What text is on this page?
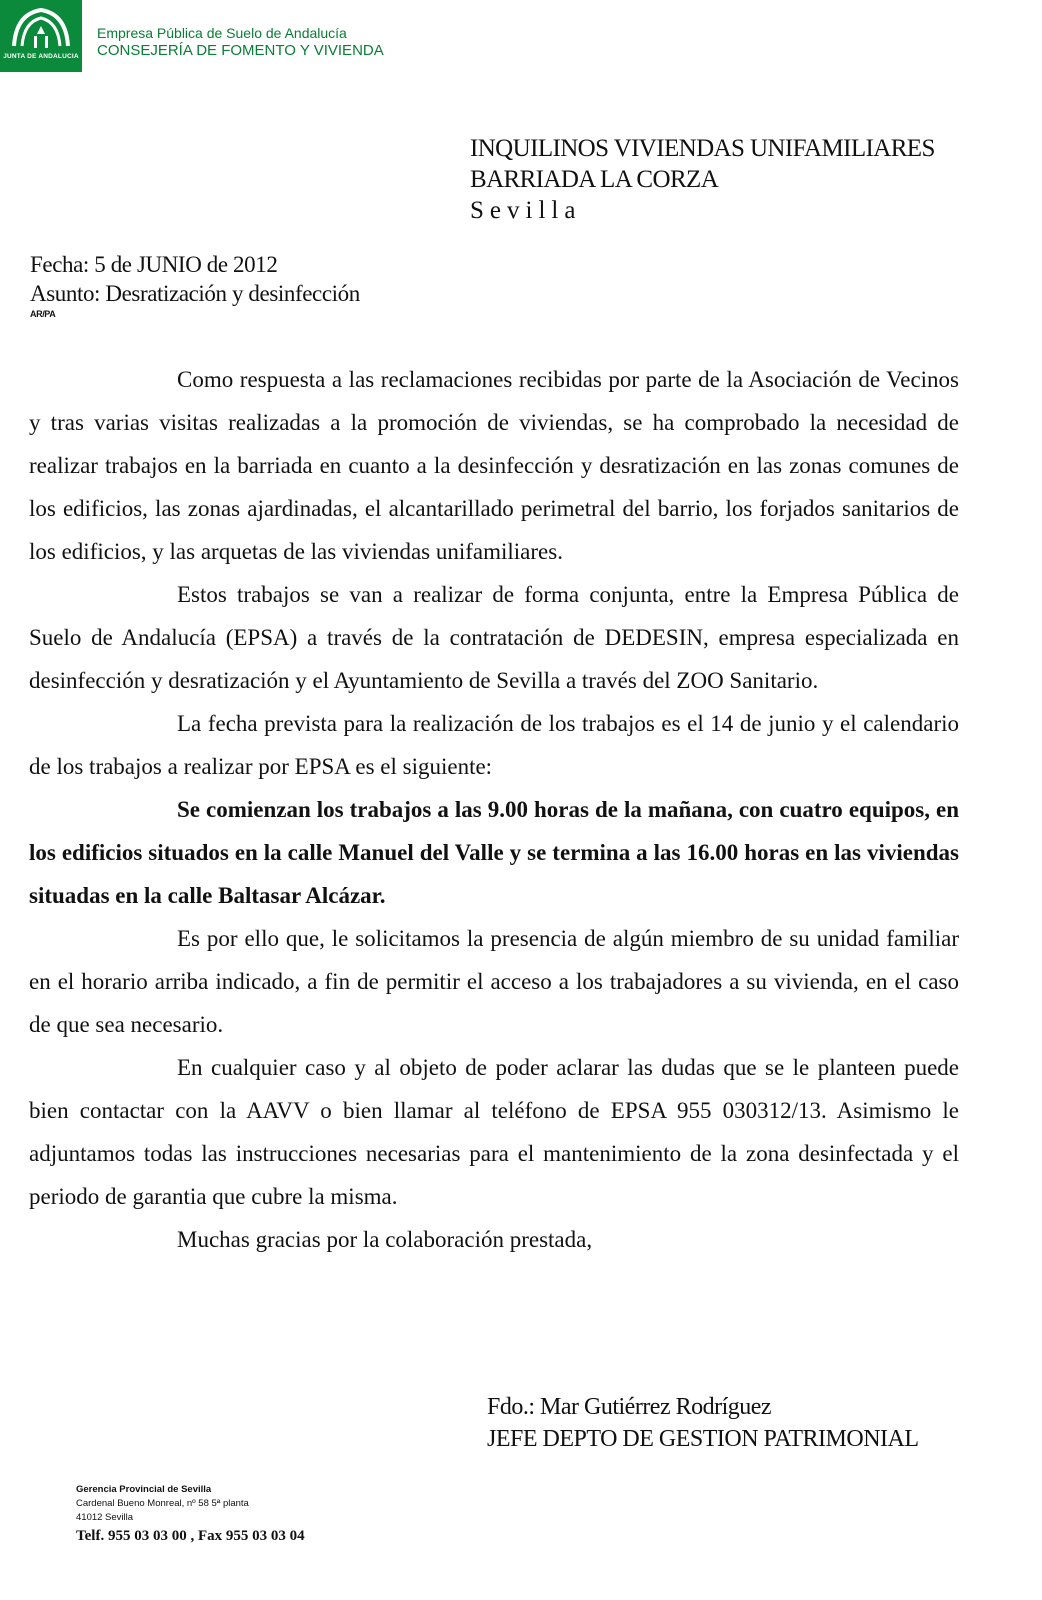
JUNTA DE ANDALUCIA
Empresa Pública de Suelo de Andalucía
CONSEJERÍA DE FOMENTO Y VIVIENDA
INQUILINOS VIVIENDAS UNIFAMILIARES
BARRIADA LA CORZA
Sevilla
Fecha: 5 de JUNIO de 2012
Asunto: Desratización y desinfección
AR/PA

Como respuesta a las reclamaciones recibidas por parte de la Asociación de Vecinos y tras varias visitas realizadas a la promoción de viviendas, se ha comprobado la necesidad de realizar trabajos en la barriada en cuanto a la desinfección y desratización en las zonas comunes de los edificios, las zonas ajardinadas, el alcantarillado perimetral del barrio, los forjados sanitarios de los edificios, y las arquetas de las viviendas unifamiliares.

Estos trabajos se van a realizar de forma conjunta, entre la Empresa Pública de Suelo de Andalucía (EPSA) a través de la contratación de DEDESIN, empresa especializada en desinfección y desratización y el Ayuntamiento de Sevilla a través del ZOO Sanitario.

La fecha prevista para la realización de los trabajos es el 14 de junio y el calendario de los trabajos a realizar por EPSA es el siguiente:

Se comienzan los trabajos a las 9.00 horas de la mañana, con cuatro equipos, en los edificios situados en la calle Manuel del Valle y se termina a las 16.00 horas en las viviendas situadas en la calle Baltasar Alcázar.

Es por ello que, le solicitamos la presencia de algún miembro de su unidad familiar en el horario arriba indicado, a fin de permitir el acceso a los trabajadores a su vivienda, en el caso de que sea necesario.

En cualquier caso y al objeto de poder aclarar las dudas que se le planteen puede bien contactar con la AAVV o bien llamar al teléfono de EPSA 955 030312/13. Asimismo le adjuntamos todas las instrucciones necesarias para el mantenimiento de la zona desinfectada y el periodo de garantia que cubre la misma.

Muchas gracias por la colaboración prestada,

Fdo.: Mar Gutiérrez Rodríguez
JEFE DEPTO DE GESTION PATRIMONIAL
Gerencia Provincial de Sevilla
Cardenal Bueno Monreal, nº 58 5ª planta
41012 Sevilla
Telf. 955 03 03 00 , Fax 955 03 03 04
